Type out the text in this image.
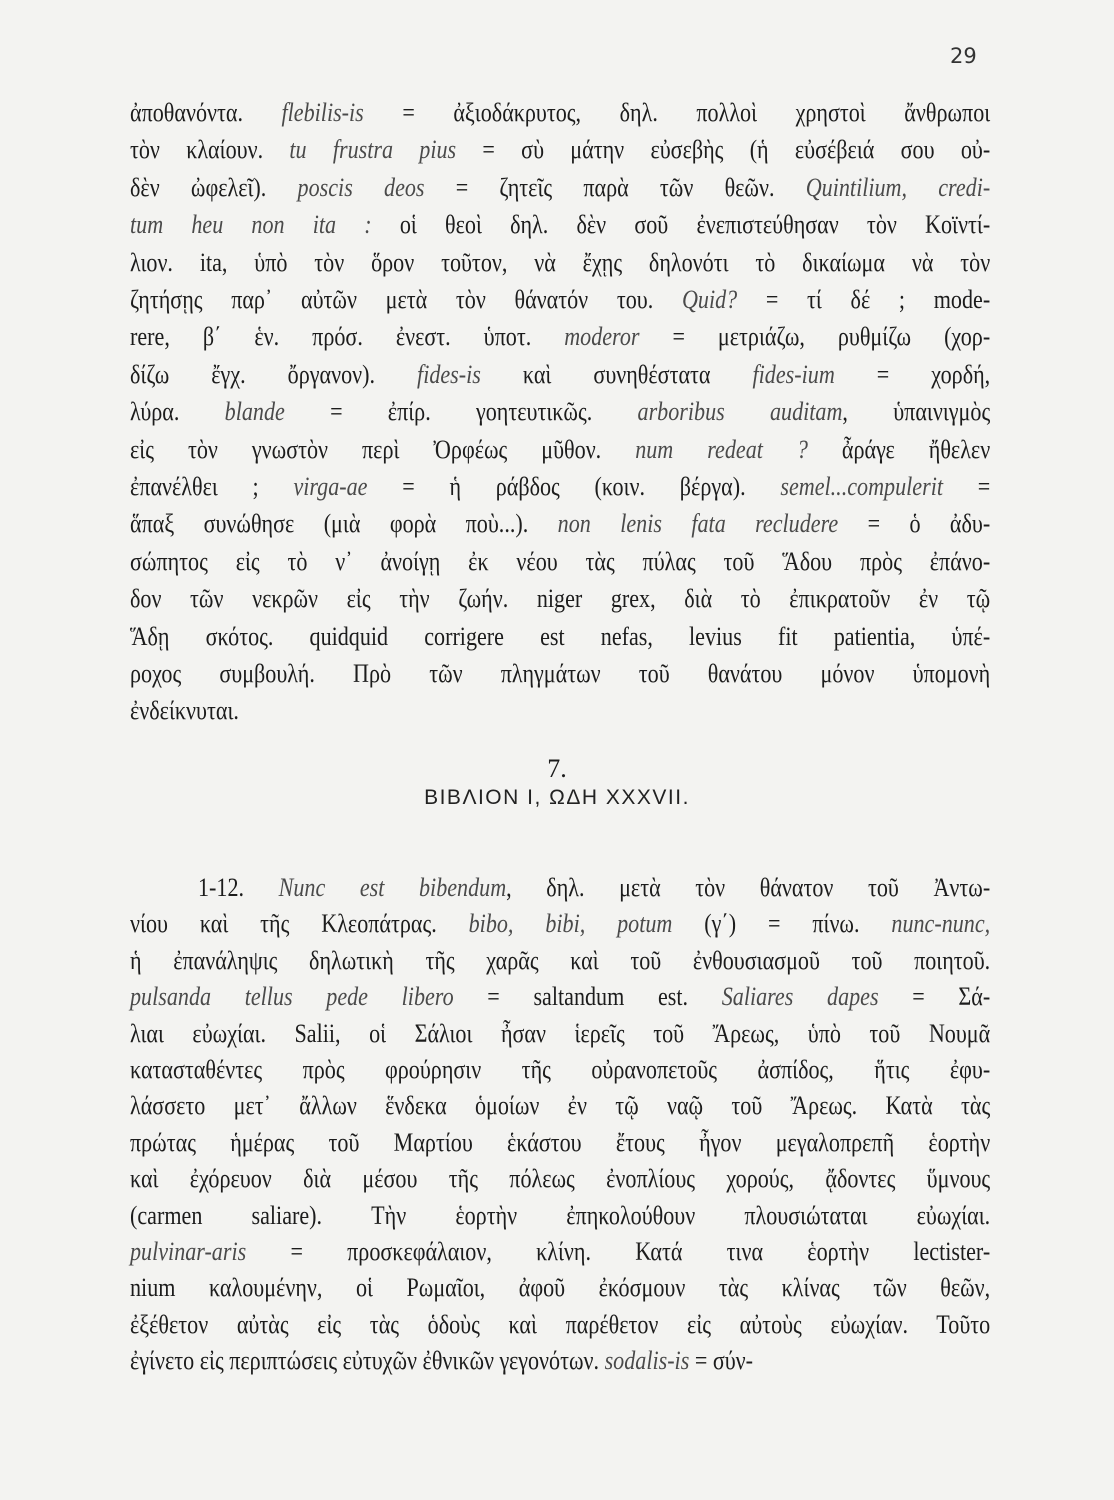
29
ἀποθανόντα. flebilis-is = ἀξιοδάκρυτος, δηλ. πολλοὶ χρηστοὶ ἄνθρωποι
τὸν κλαίουν. tu frustra pius = σὺ μάτην εὐσεβὴς (ἡ εὐσέβειά σου οὐ-
δὲν ὠφελεῖ). poscis deos = ζητεῖς παρὰ τῶν θεῶν. Quintilium, credi-
tum heu non ita : οἱ θεοὶ δηλ. δὲν σοῦ ἐνεπιστεύθησαν τὸν Κοϊντί-
λιον. ita, ὑπὸ τὸν ὅρον τοῦτον, νὰ ἔχῃς δηλονότι τὸ δικαίωμα νὰ τὸν
ζητήσῃς παρ᾽ αὐτῶν μετὰ τὸν θάνατόν του. Quid? = τί δέ ; mode-
rere, β΄ ἑν. πρόσ. ἐνεστ. ὑποτ. moderor = μετριάζω, ρυθμίζω (χορ-
δίζω ἔγχ. ὄργανον). fides-is καὶ συνηθέστατα fides-ium = χορδή,
λύρα. blande = ἐπίρ. γοητευτικῶς. arboribus auditam, ὑπαινιγμὸς
εἰς τὸν γνωστὸν περὶ Ὀρφέως μῦθον. num redeat ? ἆράγε ἤθελεν
ἐπανέλθει ; virga-ae = ἡ ράβδος (κοιν. βέργα). semel...compulerit =
ἅπαξ συνώθησε (μιὰ φορὰ ποὺ...). non lenis fata recludere = ὁ ἀδυ-
σώπητος εἰς τὸ ν᾽ ἀνοίγῃ ἐκ νέου τὰς πύλας τοῦ Ἅδου πρὸς ἐπάνο-
δον τῶν νεκρῶν εἰς τὴν ζωήν. niger grex, διὰ τὸ ἐπικρατοῦν ἐν τῷ
Ἅδῃ σκότος. quidquid corrigere est nefas, levius fit patientia, ὑπέ-
ροχος συμβουλή. Πρὸ τῶν πληγμάτων τοῦ θανάτου μόνον ὑπομονὴ
ἐνδείκνυται.
7.
ΒΙΒΛΙΟΝ Ι, ΩΔΗ XXXVII.
1-12. Nunc est bibendum, δηλ. μετὰ τὸν θάνατον τοῦ Ἀντω-
νίου καὶ τῆς Κλεοπάτρας. bibo, bibi, potum (γ΄) = πίνω. nunc-nunc,
ἡ ἐπανάληψις δηλωτικὴ τῆς χαρᾶς καὶ τοῦ ἐνθουσιασμοῦ τοῦ ποιητοῦ.
pulsanda tellus pede libero = saltandum est. Saliares dapes = Σά-
λιαι εὐωχίαι. Salii, οἱ Σάλιοι ἦσαν ἱερεῖς τοῦ Ἄρεως, ὑπὸ τοῦ Νουμᾶ
κατασταθέντες πρὸς φρούρησιν τῆς οὐρανοπετοῦς ἀσπίδος, ἥτις ἐφυ-
λάσσετο μετ᾽ ἄλλων ἕνδεκα ὁμοίων ἐν τῷ ναῷ τοῦ Ἄρεως. Κατὰ τὰς
πρώτας ἡμέρας τοῦ Μαρτίου ἑκάστου ἔτους ἦγον μεγαλοπρεπῆ ἑορτὴν
καὶ ἐχόρευον διὰ μέσου τῆς πόλεως ἐνοπλίους χορούς, ᾄδοντες ὕμνους
(carmen saliare). Τὴν ἑορτὴν ἐπηκολούθουν πλουσιώταται εὐωχίαι.
pulvinar-aris = προσκεφάλαιον, κλίνη. Κατά τινα ἑορτὴν lectister-
nium καλουμένην, οἱ Ρωμαῖοι, ἀφοῦ ἐκόσμουν τὰς κλίνας τῶν θεῶν,
ἐξέθετον αὐτὰς εἰς τὰς ὁδοὺς καὶ παρέθετον εἰς αὐτοὺς εὐωχίαν. Τοῦτο
ἐγίνετο εἰς περιπτώσεις εὐτυχῶν ἐθνικῶν γεγονότων. sodalis-is = σύν-
